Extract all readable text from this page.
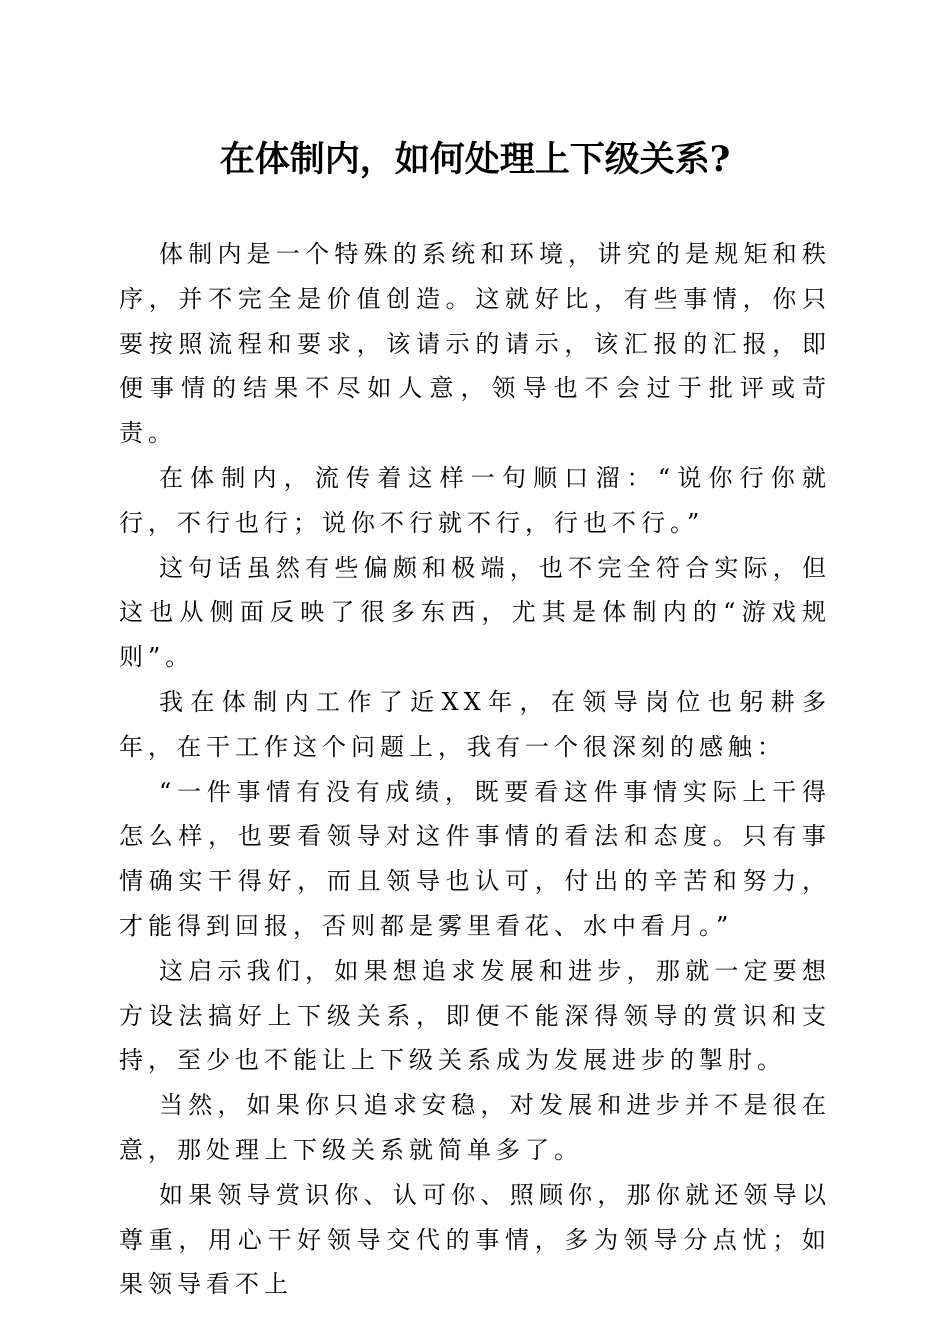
在体制内，如何处理上下级关系?

体制内是一个特殊的系统和环境，讲究的是规矩和秩序，并不完全是价值创造。这就好比，有些事情，你只要按照流程和要求，该请示的请示，该汇报的汇报，即便事情的结果不尽如人意，领导也不会过于批评或苛责。

在体制内，流传着这样一句顺口溜：“说你行你就行，不行也行；说你不行就不行，行也不行。”

这句话虽然有些偏颇和极端，也不完全符合实际，但这也从侧面反映了很多东西，尤其是体制内的“游戏规则”。

我在体制内工作了近XX年，在领导岗位也躬耕多年，在干工作这个问题上，我有一个很深刻的感触：

“一件事情有没有成绩，既要看这件事情实际上干得怎么样，也要看领导对这件事情的看法和态度。只有事情确实干得好，而且领导也认可，付出的辛苦和努力，才能得到回报，否则都是雾里看花、水中看月。”

这启示我们，如果想追求发展和进步，那就一定要想方设法搞好上下级关系，即便不能深得领导的赏识和支持，至少也不能让上下级关系成为发展进步的掣肘。

当然，如果你只追求安稳，对发展和进步并不是很在意，那处理上下级关系就简单多了。

如果领导赏识你、认可你、照顾你，那你就还领导以尊重，用心干好领导交代的事情，多为领导分点忧；如果领导看不上
